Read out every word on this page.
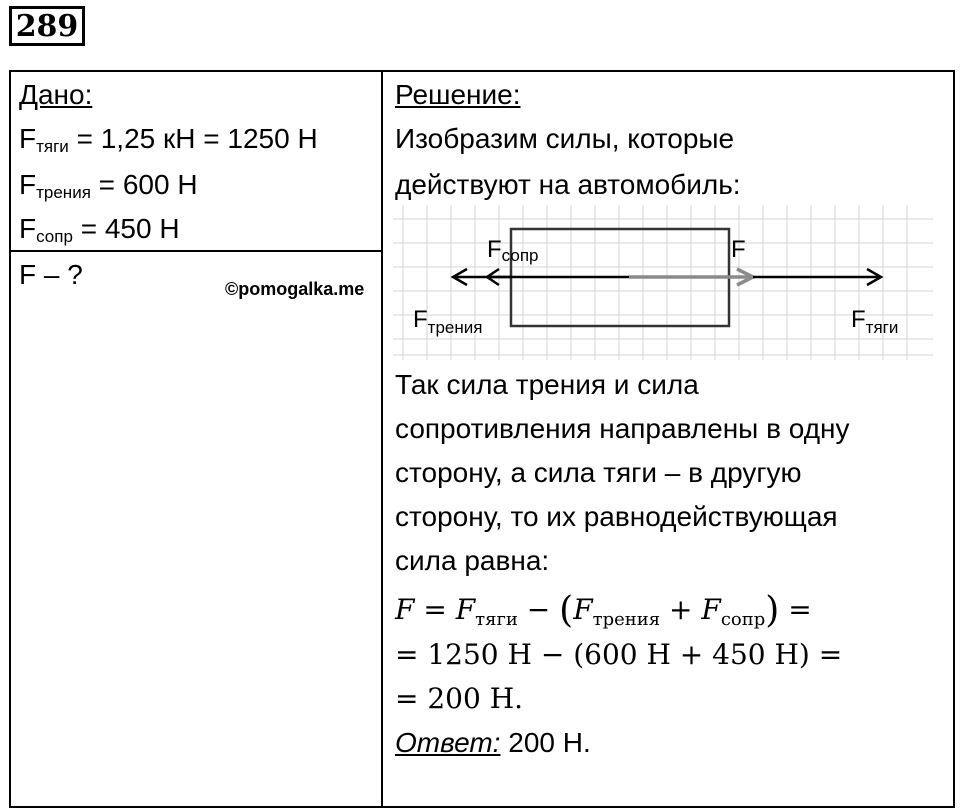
289
Дано:
$F_{тяги} = 1,25$ кН = 1250 Н
$F_{трения} = 600$ Н
$F_{сопр} = 450$ Н
F – ?	©pomogalka.me
Решение:
Изобразим силы, которые
действуют на автомобиль:
Fсопр	F
$F_{трения}$	$F_{тяги}$
Так сила трения и сила
сопротивления направлены в одну
сторону, а сила тяги – в другую
сторону, то их равнодействующая
сила равна:
$F = F_{тяги} - (F_{трения} + F_{сопр})$ =
= 1250 Н − (600 Н + 450 Н) =
= 200 Н.
Ответ: 200 Н.
